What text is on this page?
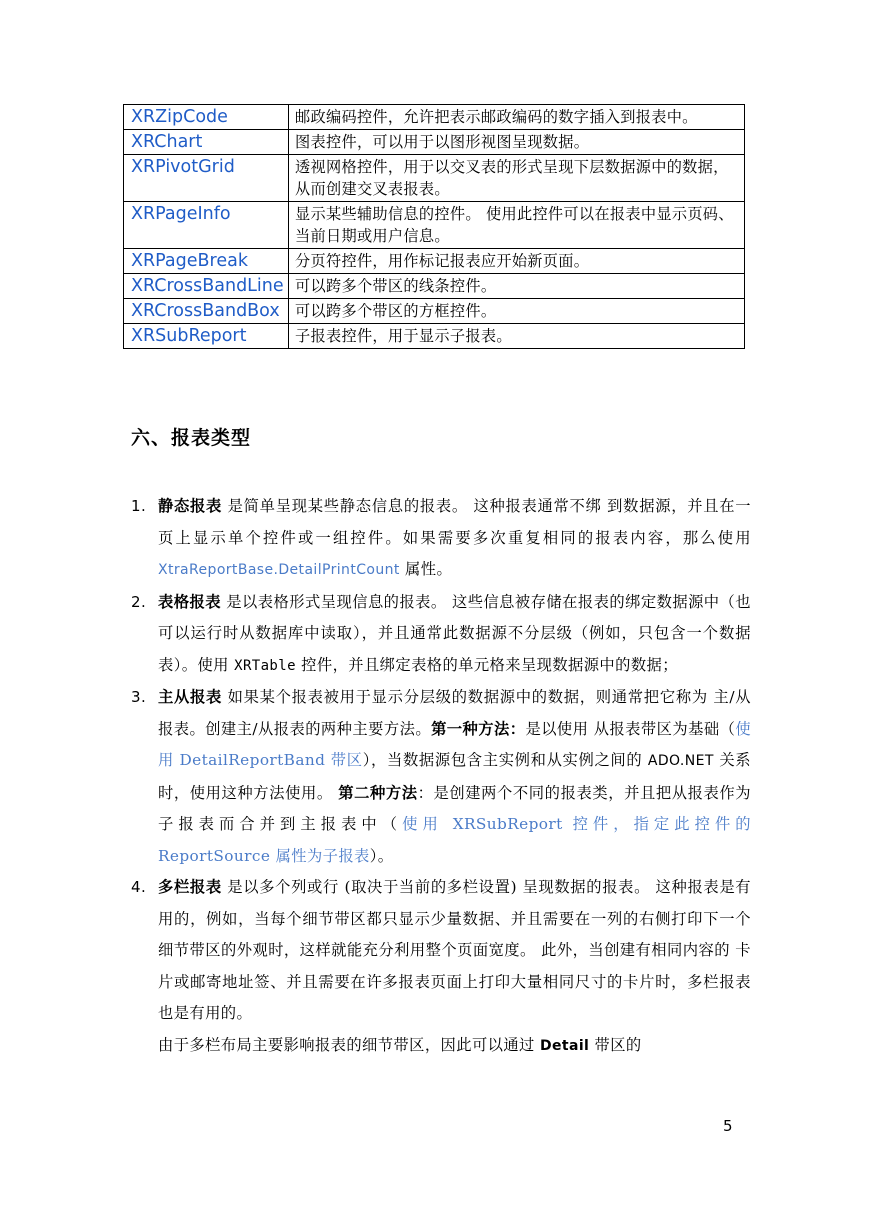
XRZipCode	邮政编码控件，允许把表示邮政编码的数字插入到报表中。
XRChart	图表控件，可以用于以图形视图呈现数据。
XRPivotGrid	透视网格控件，用于以交叉表的形式呈现下层数据源中的数据，从而创建交叉表报表。
XRPageInfo	显示某些辅助信息的控件。 使用此控件可以在报表中显示页码、当前日期或用户信息。
XRPageBreak	分页符控件，用作标记报表应开始新页面。
XRCrossBandLine	可以跨多个带区的线条控件。
XRCrossBandBox	可以跨多个带区的方框控件。
XRSubReport	子报表控件，用于显示子报表。
六、报表类型
1. 静态报表 是简单呈现某些静态信息的报表。 这种报表通常不绑 到数据源，并且在一页上显示单个控件或一组控件。如果需要多次重复相同的报表内容，那么使用 XtraReportBase.DetailPrintCount 属性。
2. 表格报表 是以表格形式呈现信息的报表。 这些信息被存储在报表的绑定数据源中（也可以运行时从数据库中读取），并且通常此数据源不分层级（例如，只包含一个数据表）。使用 XRTable 控件，并且绑定表格的单元格来呈现数据源中的数据；
3. 主从报表 如果某个报表被用于显示分层级的数据源中的数据，则通常把它称为 主/从 报表。创建主/从报表的两种主要方法。第一种方法：是以使用 从报表带区为基础（使用 DetailReportBand 带区），当数据源包含主实例和从实例之间的 ADO.NET 关系时，使用这种方法使用。 第二种方法：是创建两个不同的报表类，并且把从报表作为子报表而合并到主报表中（使用 XRSubReport 控件，指定此控件的 ReportSource 属性为子报表）。
4. 多栏报表 是以多个列或行 (取决于当前的多栏设置) 呈现数据的报表。 这种报表是有用的，例如，当每个细节带区都只显示少量数据、并且需要在一列的右侧打印下一个细节带区的外观时，这样就能充分利用整个页面宽度。 此外，当创建有相同内容的 卡片或邮寄地址签、并且需要在许多报表页面上打印大量相同尺寸的卡片时，多栏报表也是有用的。
由于多栏布局主要影响报表的细节带区，因此可以通过 Detail 带区的
5
